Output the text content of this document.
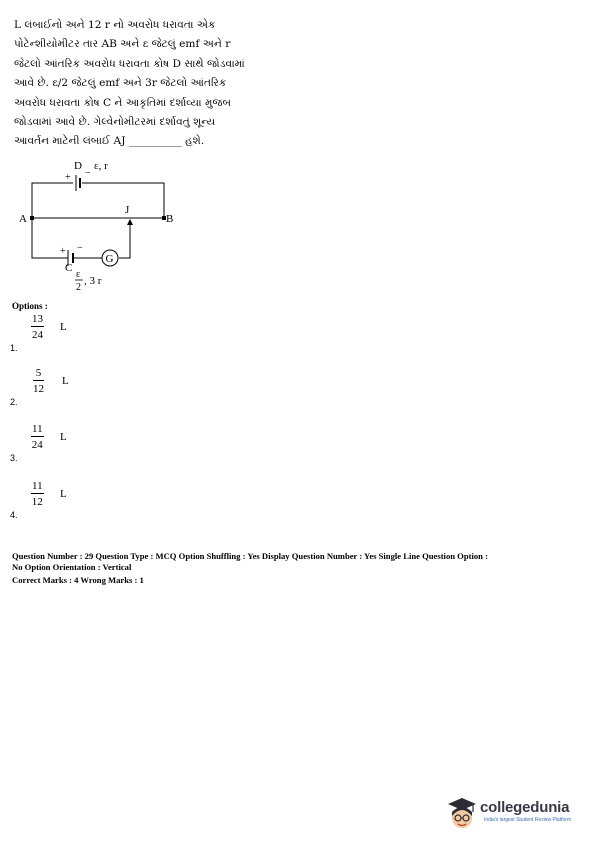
L લંબાઈનો અને 12 r નો અવરોધ ધરાવતા એક
પોટેન્શીયોમીટર તાર AB અને ε જેટલું emf અને r
જેટલો આંતરિક અવરોધ ધરાવતા કોષ D સાથે જોડવામાં
આવે છે. ε/2 જેટલું emf અને 3r જેટલો આંતરિક
અવરોધ ધરાવતા કોષ C ને આકૃતિમાં દર્શાવ્યા મુજબ
જોડવામાં આવે છે. ગેલ્વેનોમીટરમાં દર્શાવતું શૂન્ય
આવર્તન માટેની લંબાઈ AJ __________ હશે.
+ −
D ε, r
A	B
J
+ −
C
G
ε
2
, 3 r
Options :
1.
$\frac{13}{24}$ L
2.
$\frac{5}{12}$ L
3.
$\frac{11}{24}$ L
4.
$\frac{11}{12}$ L
Question Number : 29 Question Type : MCQ Option Shuffling : Yes Display Question Number : Yes Single Line Question Option :
No Option Orientation : Vertical
Correct Marks : 4 Wrong Marks : 1
collegedunia
India's largest Student Review Platform
